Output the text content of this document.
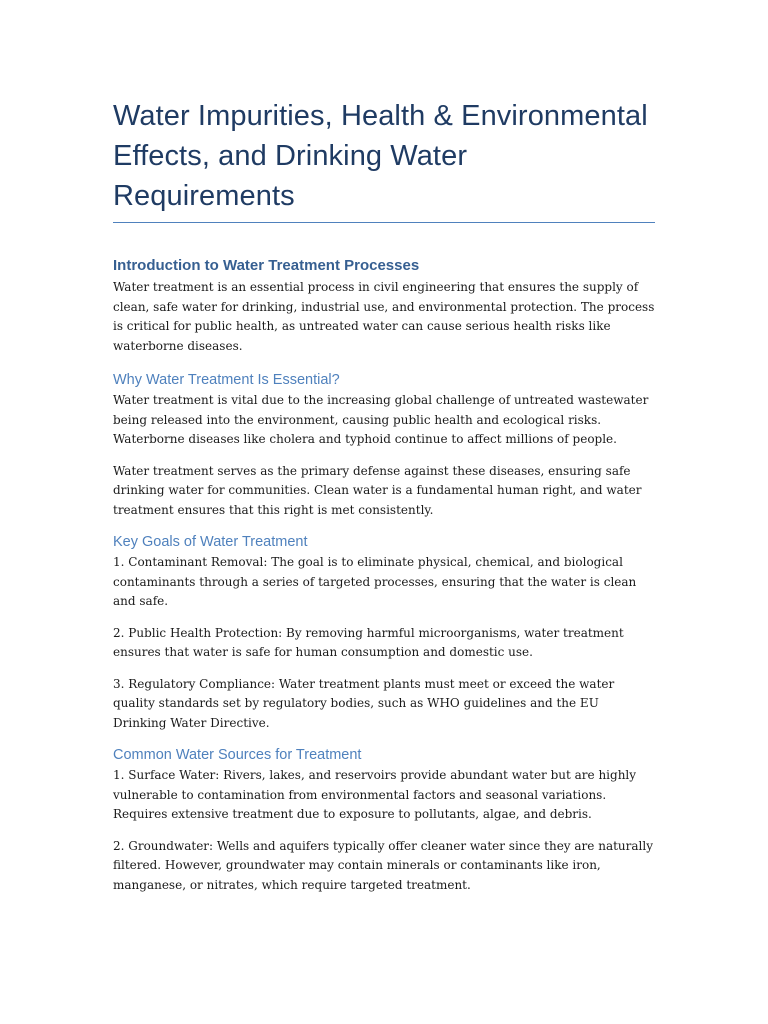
Water Impurities, Health & Environmental Effects, and Drinking Water Requirements
Introduction to Water Treatment Processes

Water treatment is an essential process in civil engineering that ensures the supply of clean, safe water for drinking, industrial use, and environmental protection. The process is critical for public health, as untreated water can cause serious health risks like waterborne diseases.

Why Water Treatment Is Essential?

Water treatment is vital due to the increasing global challenge of untreated wastewater being released into the environment, causing public health and ecological risks. Waterborne diseases like cholera and typhoid continue to affect millions of people.

Water treatment serves as the primary defense against these diseases, ensuring safe drinking water for communities. Clean water is a fundamental human right, and water treatment ensures that this right is met consistently.

Key Goals of Water Treatment

1. Contaminant Removal: The goal is to eliminate physical, chemical, and biological contaminants through a series of targeted processes, ensuring that the water is clean and safe.

2. Public Health Protection: By removing harmful microorganisms, water treatment ensures that water is safe for human consumption and domestic use.

3. Regulatory Compliance: Water treatment plants must meet or exceed the water quality standards set by regulatory bodies, such as WHO guidelines and the EU Drinking Water Directive.

Common Water Sources for Treatment

1. Surface Water: Rivers, lakes, and reservoirs provide abundant water but are highly vulnerable to contamination from environmental factors and seasonal variations. Requires extensive treatment due to exposure to pollutants, algae, and debris.

2. Groundwater: Wells and aquifers typically offer cleaner water since they are naturally filtered. However, groundwater may contain minerals or contaminants like iron, manganese, or nitrates, which require targeted treatment.
